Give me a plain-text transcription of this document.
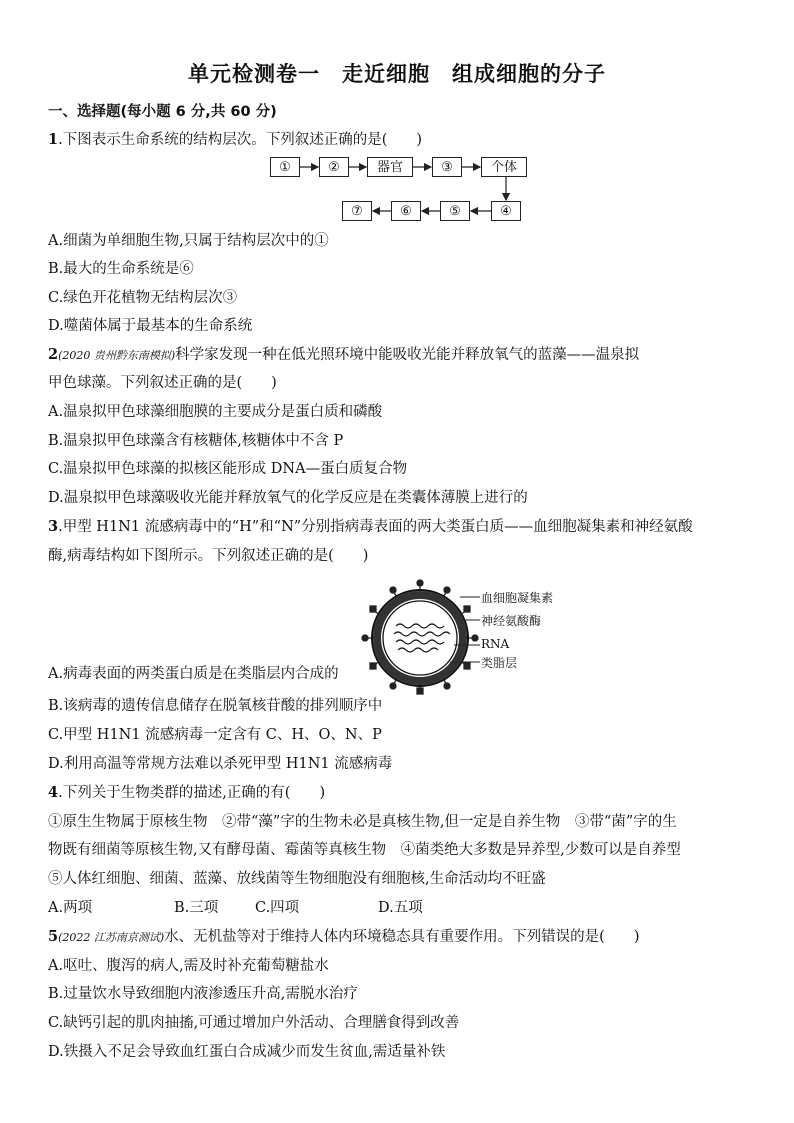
单元检测卷一　走近细胞　组成细胞的分子
一、选择题(每小题 6 分,共 60 分)
1.下图表示生命系统的结构层次。下列叙述正确的是(　　)
①	②	器官	③	个体
④
⑤
⑥
⑦
A.细菌为单细胞生物,只属于结构层次中的①
B.最大的生命系统是⑥
C.绿色开花植物无结构层次③
D.噬菌体属于最基本的生命系统
2(2020 贵州黔东南模拟)科学家发现一种在低光照环境中能吸收光能并释放氧气的蓝藻——温泉拟
甲色球藻。下列叙述正确的是(　　)
A.温泉拟甲色球藻细胞膜的主要成分是蛋白质和磷酸
B.温泉拟甲色球藻含有核糖体,核糖体中不含 P
C.温泉拟甲色球藻的拟核区能形成 DNA—蛋白质复合物
D.温泉拟甲色球藻吸收光能并释放氧气的化学反应是在类囊体薄膜上进行的
3.甲型 H1N1 流感病毒中的“H”和“N”分别指病毒表面的两大类蛋白质——血细胞凝集素和神经氨酸
酶,病毒结构如下图所示。下列叙述正确的是(　　)
血细胞凝集素
神经氨酸酶
RNA
类脂层
A.病毒表面的两类蛋白质是在类脂层内合成的
B.该病毒的遗传信息储存在脱氧核苷酸的排列顺序中
C.甲型 H1N1 流感病毒一定含有 C、H、O、N、P
D.利用高温等常规方法难以杀死甲型 H1N1 流感病毒
4.下列关于生物类群的描述,正确的有(　　)
①原生生物属于原核生物　②带“藻”字的生物未必是真核生物,但一定是自养生物　③带“菌”字的生
物既有细菌等原核生物,又有酵母菌、霉菌等真核生物　④菌类绝大多数是异养型,少数可以是自养型
⑤人体红细胞、细菌、蓝藻、放线菌等生物细胞没有细胞核,生命活动均不旺盛
A.两项	B.三项	C.四项	D.五项
5(2022 江苏南京测试)水、无机盐等对于维持人体内环境稳态具有重要作用。下列错误的是(　　)
A.呕吐、腹泻的病人,需及时补充葡萄糖盐水
B.过量饮水导致细胞内液渗透压升高,需脱水治疗
C.缺钙引起的肌肉抽搐,可通过增加户外活动、合理膳食得到改善
D.铁摄入不足会导致血红蛋白合成减少而发生贫血,需适量补铁
